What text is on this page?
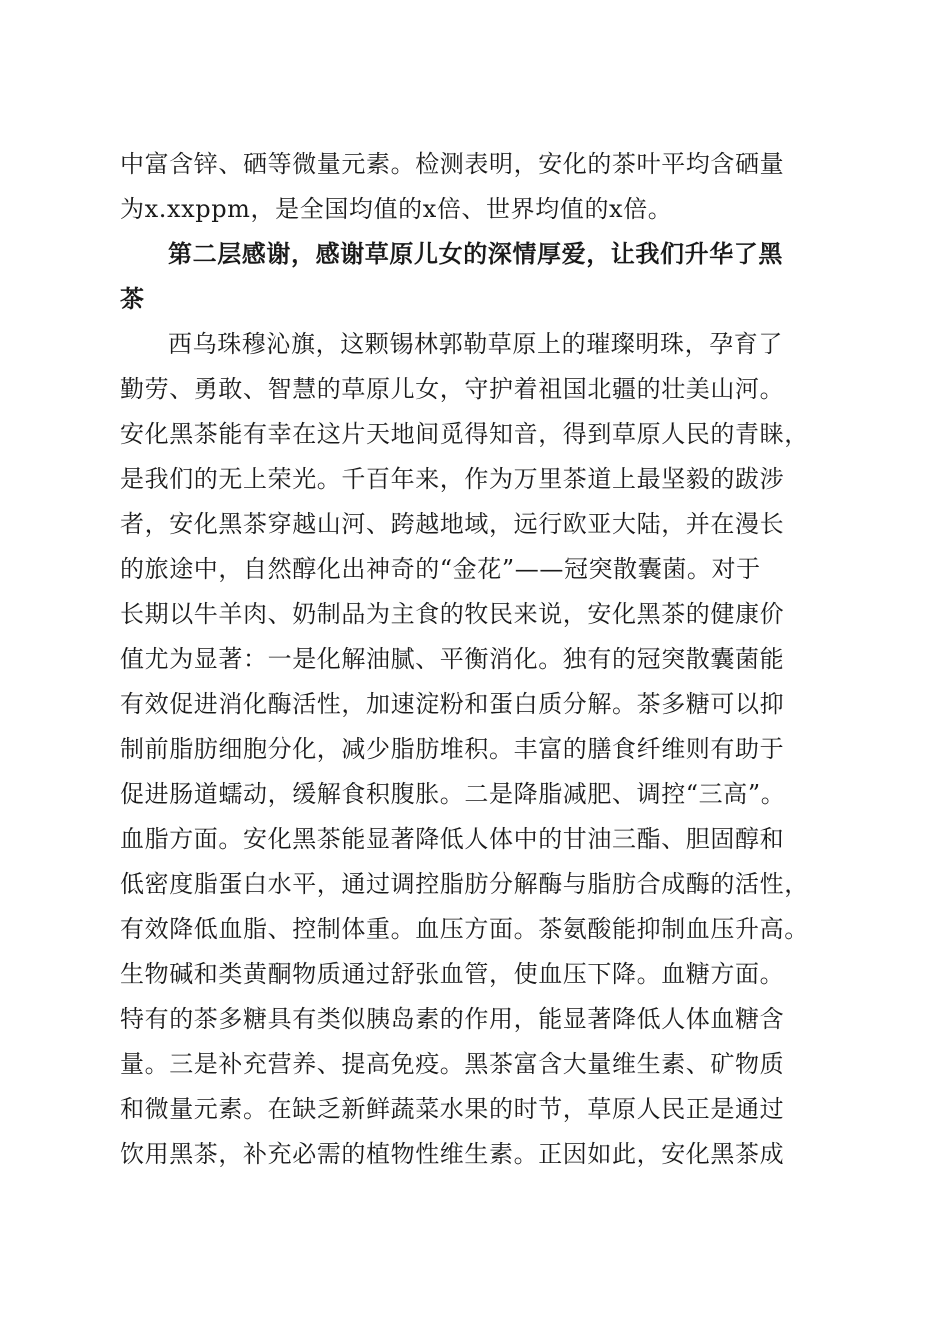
中富含锌、硒等微量元素。检测表明，安化的茶叶平均含硒量
为x.xxppm，是全国均值的x倍、世界均值的x倍。
第二层感谢，感谢草原儿女的深情厚爱，让我们升华了黑
茶
西乌珠穆沁旗，这颗锡林郭勒草原上的璀璨明珠，孕育了
勤劳、勇敢、智慧的草原儿女，守护着祖国北疆的壮美山河。
安化黑茶能有幸在这片天地间觅得知音，得到草原人民的青睐，
是我们的无上荣光。千百年来，作为万里茶道上最坚毅的跋涉
者，安化黑茶穿越山河、跨越地域，远行欧亚大陆，并在漫长
的旅途中，自然醇化出神奇的“金花”——冠突散囊菌。对于
长期以牛羊肉、奶制品为主食的牧民来说，安化黑茶的健康价
值尤为显著：一是化解油腻、平衡消化。独有的冠突散囊菌能
有效促进消化酶活性，加速淀粉和蛋白质分解。茶多糖可以抑
制前脂肪细胞分化，减少脂肪堆积。丰富的膳食纤维则有助于
促进肠道蠕动，缓解食积腹胀。二是降脂减肥、调控“三高”。
血脂方面。安化黑茶能显著降低人体中的甘油三酯、胆固醇和
低密度脂蛋白水平，通过调控脂肪分解酶与脂肪合成酶的活性，
有效降低血脂、控制体重。血压方面。茶氨酸能抑制血压升高。
生物碱和类黄酮物质通过舒张血管，使血压下降。血糖方面。
特有的茶多糖具有类似胰岛素的作用，能显著降低人体血糖含
量。三是补充营养、提高免疫。黑茶富含大量维生素、矿物质
和微量元素。在缺乏新鲜蔬菜水果的时节，草原人民正是通过
饮用黑茶，补充必需的植物性维生素。正因如此，安化黑茶成
